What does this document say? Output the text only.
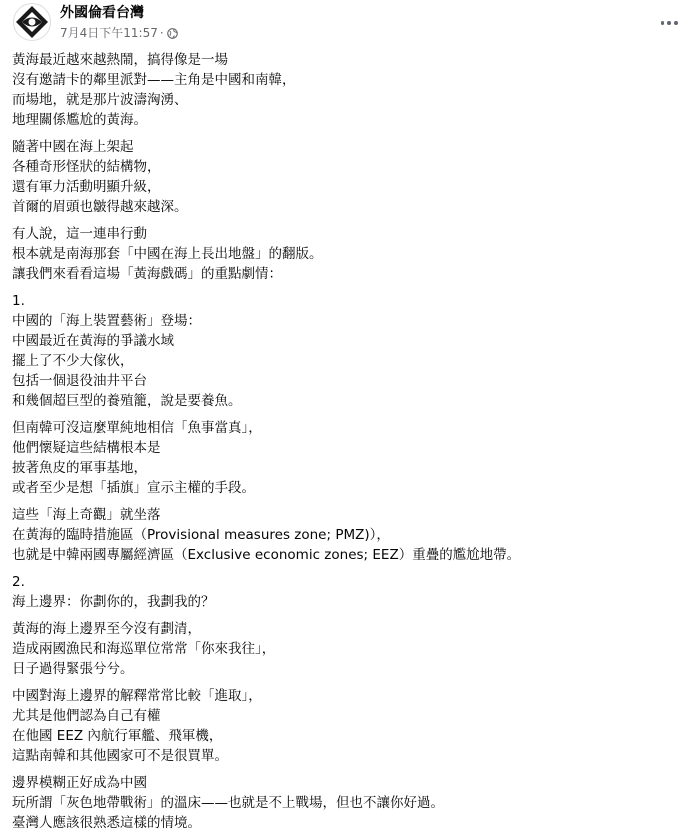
外國倫看台灣
7月4日下午11:57 ·
黃海最近越來越熱鬧，搞得像是一場
沒有邀請卡的鄰里派對——主角是中國和南韓，
而場地，就是那片波濤洶湧、
地理關係尷尬的黃海。
隨著中國在海上架起
各種奇形怪狀的結構物，
還有軍力活動明顯升級，
首爾的眉頭也皺得越來越深。
有人說，這一連串行動
根本就是南海那套「中國在海上長出地盤」的翻版。
讓我們來看看這場「黃海戲碼」的重點劇情：
1.
中國的「海上裝置藝術」登場：
中國最近在黃海的爭議水域
擺上了不少大傢伙，
包括一個退役油井平台
和幾個超巨型的養殖籠，說是要養魚。
但南韓可沒這麼單純地相信「魚事當真」，
他們懷疑這些結構根本是
披著魚皮的軍事基地，
或者至少是想「插旗」宣示主權的手段。
這些「海上奇觀」就坐落
在黃海的臨時措施區（Provisional measures zone; PMZ)），
也就是中韓兩國專屬經濟區（Exclusive economic zones; EEZ）重疊的尷尬地帶。
2.
海上邊界：你劃你的，我劃我的？
黃海的海上邊界至今沒有劃清，
造成兩國漁民和海巡單位常常「你來我往」，
日子過得緊張兮兮。
中國對海上邊界的解釋常常比較「進取」，
尤其是他們認為自己有權
在他國 EEZ 內航行軍艦、飛軍機，
這點南韓和其他國家可不是很買單。
邊界模糊正好成為中國
玩所謂「灰色地帶戰術」的溫床——也就是不上戰場，但也不讓你好過。
臺灣人應該很熟悉這樣的情境。
